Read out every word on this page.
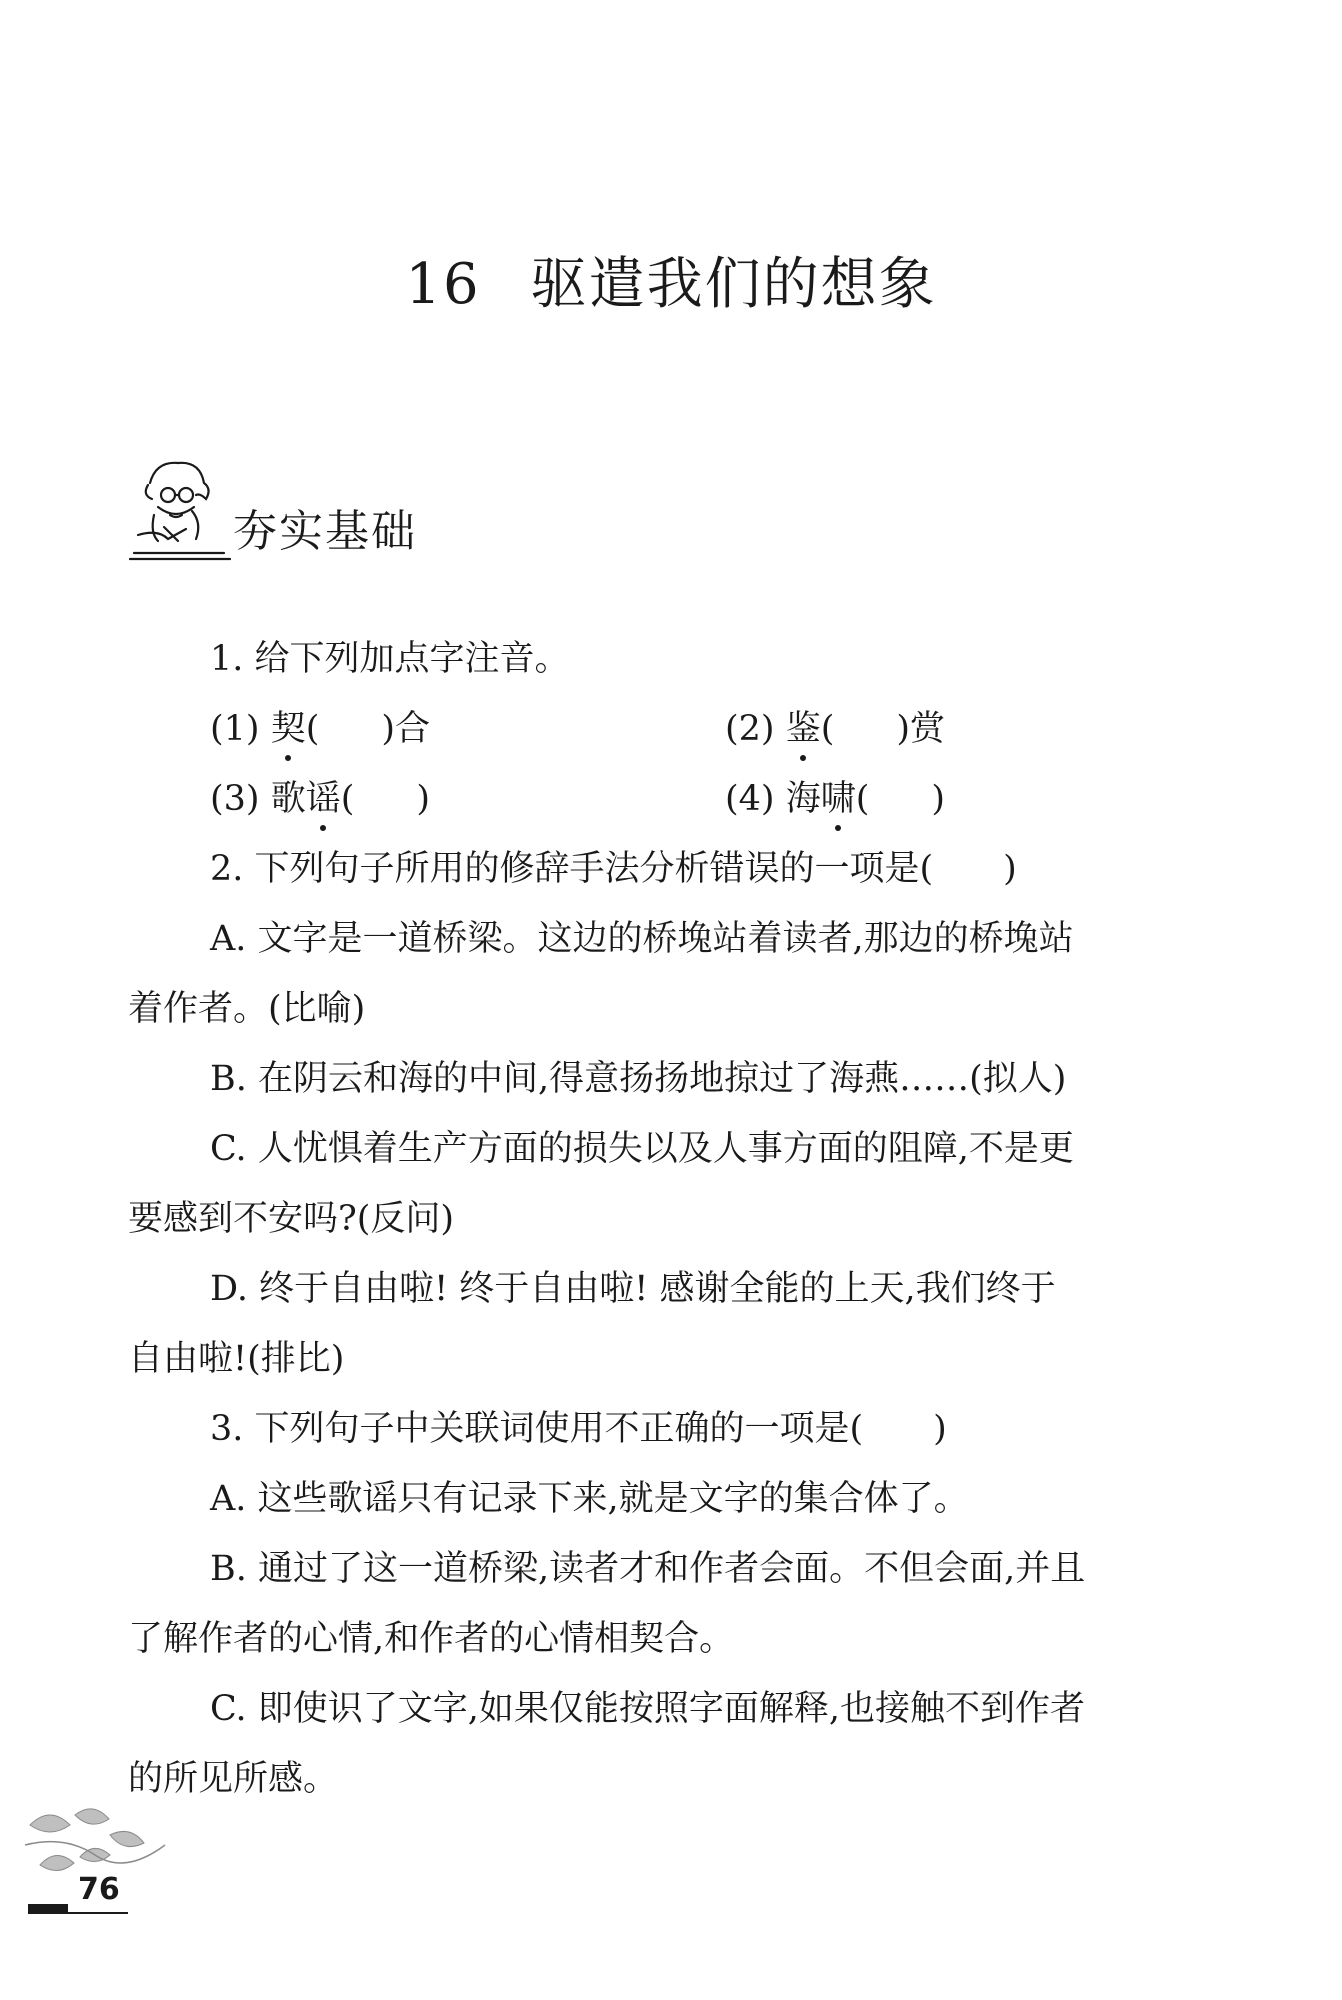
16 驱遣我们的想象
夯实基础
1. 给下列加点字注音。
(1) 契( )合	(2) 鉴( )赏
(3) 歌谣( )	(4) 海啸( )
2. 下列句子所用的修辞手法分析错误的一项是(　　)
A. 文字是一道桥梁。这边的桥堍站着读者,那边的桥堍站
着作者。(比喻)
B. 在阴云和海的中间,得意扬扬地掠过了海燕……(拟人)
C. 人忧惧着生产方面的损失以及人事方面的阻障,不是更
要感到不安吗?(反问)
D. 终于自由啦! 终于自由啦! 感谢全能的上天,我们终于
自由啦!(排比)
3. 下列句子中关联词使用不正确的一项是(　　)
A. 这些歌谣只有记录下来,就是文字的集合体了。
B. 通过了这一道桥梁,读者才和作者会面。不但会面,并且
了解作者的心情,和作者的心情相契合。
C. 即使识了文字,如果仅能按照字面解释,也接触不到作者
的所见所感。
76
